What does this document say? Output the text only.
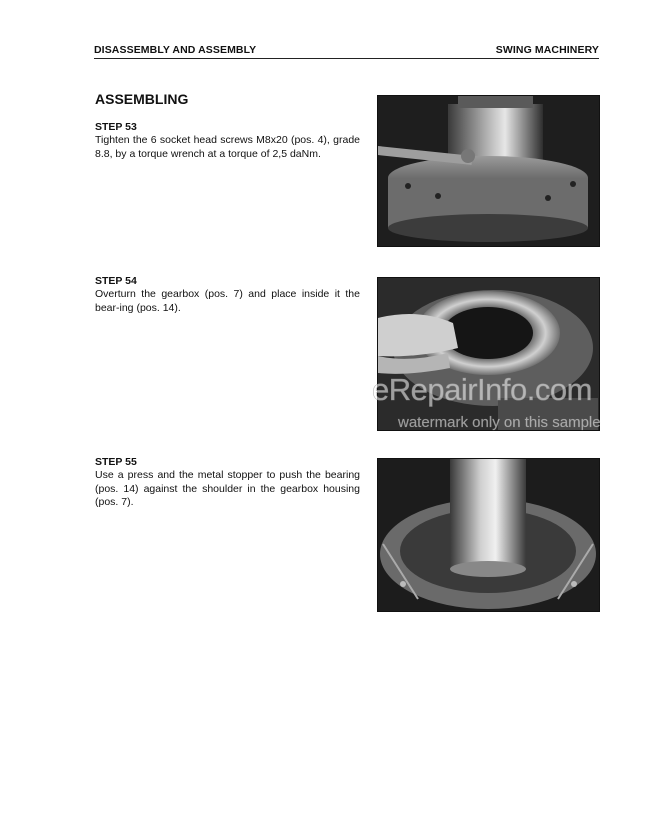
DISASSEMBLY AND ASSEMBLY	SWING MACHINERY
ASSEMBLING

STEP 53

Tighten the 6 socket head screws M8x20 (pos. 4), grade 8.8, by a torque wrench at a torque of 2,5 daNm.

STEP 54

Overturn the gearbox (pos. 7) and place inside it the bear-ing (pos. 14).

STEP 55

Use a press and the metal stopper to push the bearing (pos. 14) against the shoulder in the gearbox housing (pos. 7).

eRepairInfo.com
watermark only on this sample
